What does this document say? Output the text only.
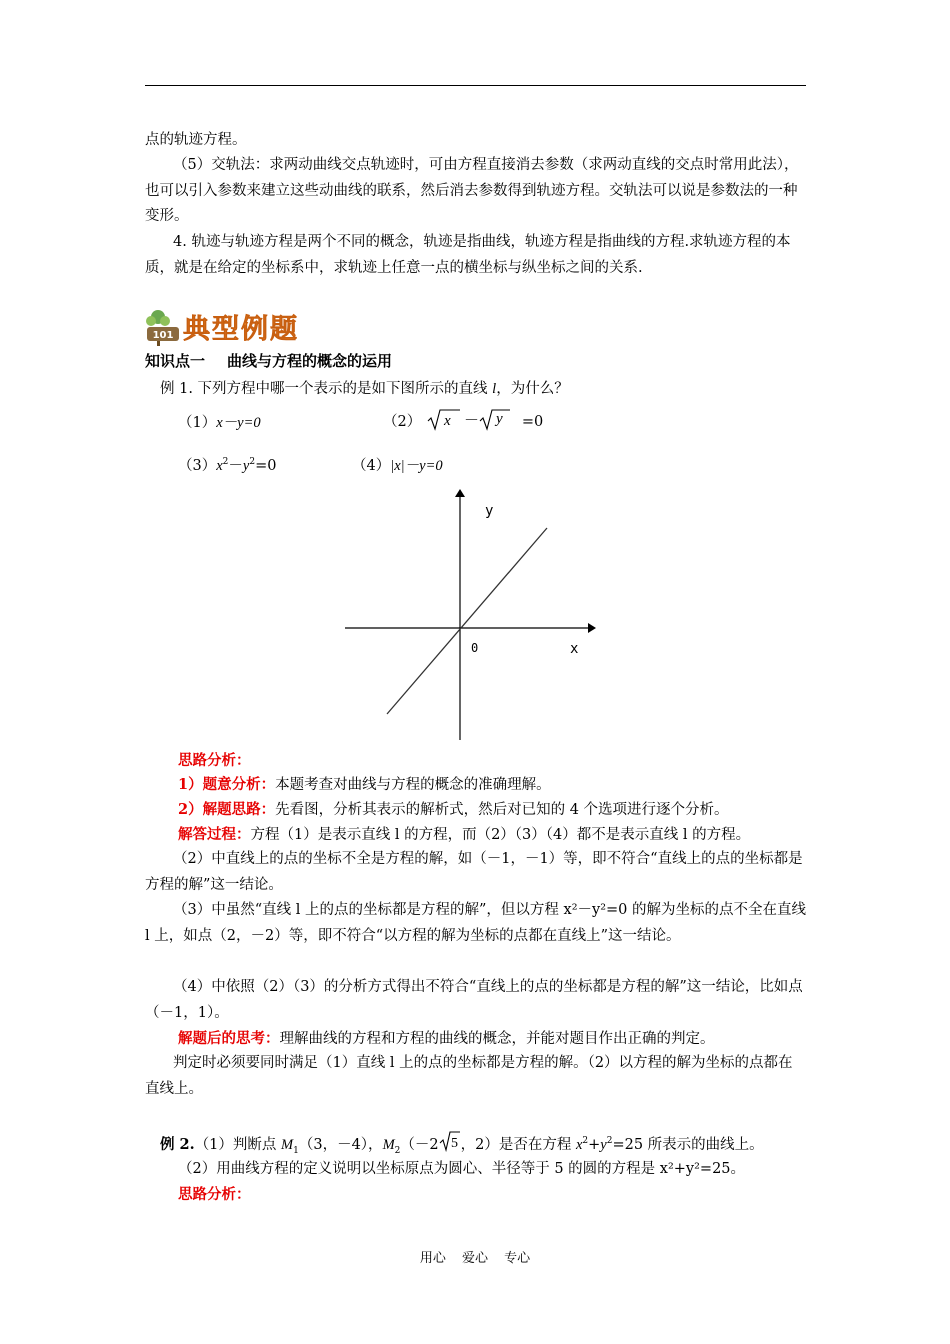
点的轨迹方程。

（5）交轨法：求两动曲线交点轨迹时，可由方程直接消去参数（求两动直线的交点时常用此法），也可以引入参数来建立这些动曲线的联系，然后消去参数得到轨迹方程。交轨法可以说是参数法的一种变形。

4. 轨迹与轨迹方程是两个不同的概念，轨迹是指曲线，轨迹方程是指曲线的方程.求轨迹方程的本质，就是在给定的坐标系中，求轨迹上任意一点的横坐标与纵坐标之间的关系.

101 典型例题
知识点一 曲线与方程的概念的运用
例 1. 下列方程中哪一个表示的是如下图所示的直线 l，为什么？
（1）x－y=0	（2） x － y =0
$(3)x^2-y^2=0$	（4）|x|－y=0
y
x
0
思路分析：
1）题意分析：本题考查对曲线与方程的概念的准确理解。
2）解题思路：先看图，分析其表示的解析式，然后对已知的 4 个选项进行逐个分析。
解答过程：方程（1）是表示直线 l 的方程，而（2）（3）（4）都不是表示直线 l 的方程。

（2）中直线上的点的坐标不全是方程的解，如（－1，－1）等，即不符合“直线上的点的坐标都是方程的解”这一结论。

（3）中虽然“直线 l 上的点的坐标都是方程的解”，但以方程 x²－y²=0 的解为坐标的点不全在直线 l 上，如点（2，－2）等，即不符合“以方程的解为坐标的点都在直线上”这一结论。

（4）中依照（2）（3）的分析方式得出不符合“直线上的点的坐标都是方程的解”这一结论，比如点（－1，1）。

解题后的思考：理解曲线的方程和方程的曲线的概念，并能对题目作出正确的判定。

判定时必须要同时满足（1）直线 l 上的点的坐标都是方程的解。（2）以方程的解为坐标的点都在直线上。

例 2.（1）判断点 $M_1(3$，－4），$M_2(-2$ 5 ，2）是否在方程 $x^2+y^2=25$ 所表示的曲线上。
（2）用曲线方程的定义说明以坐标原点为圆心、半径等于 5 的圆的方程是 x²+y²=25。
思路分析：
用心 爱心 专心
